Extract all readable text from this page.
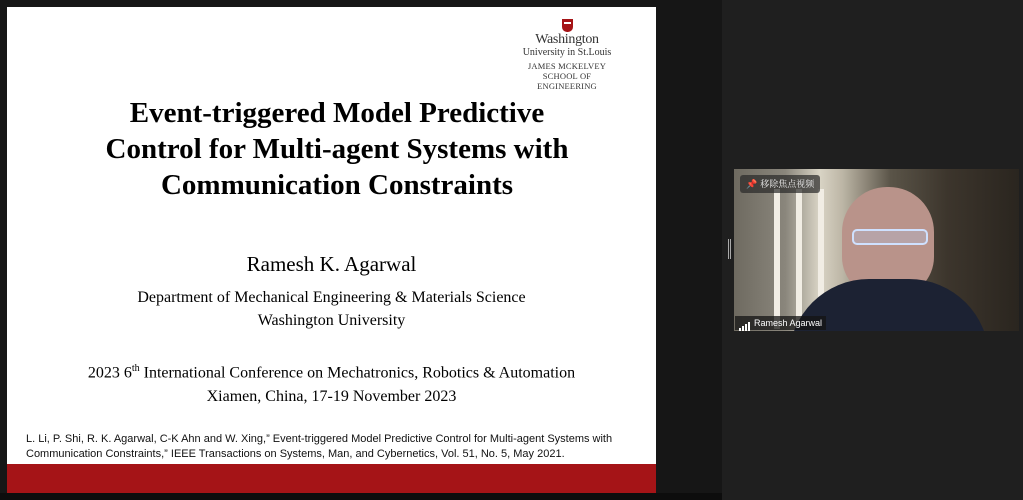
Washington
University in St.Louis
JAMES MCKELVEY
SCHOOL OF ENGINEERING
Event-triggered Model Predictive
Control for Multi-agent Systems with
Communication Constraints
Ramesh K. Agarwal
Department of Mechanical Engineering & Materials Science
Washington University
2023 6th International Conference on Mechatronics, Robotics & Automation
Xiamen, China, 17-19 November 2023
L. Li, P. Shi, R. K. Agarwal, C-K Ahn and W. Xing,” Event-triggered Model Predictive Control for Multi-agent Systems with
Communication Constraints,” IEEE Transactions on Systems, Man, and Cybernetics, Vol. 51, No. 5, May 2021.
📌 移除焦点视频
Ramesh Agarwal
